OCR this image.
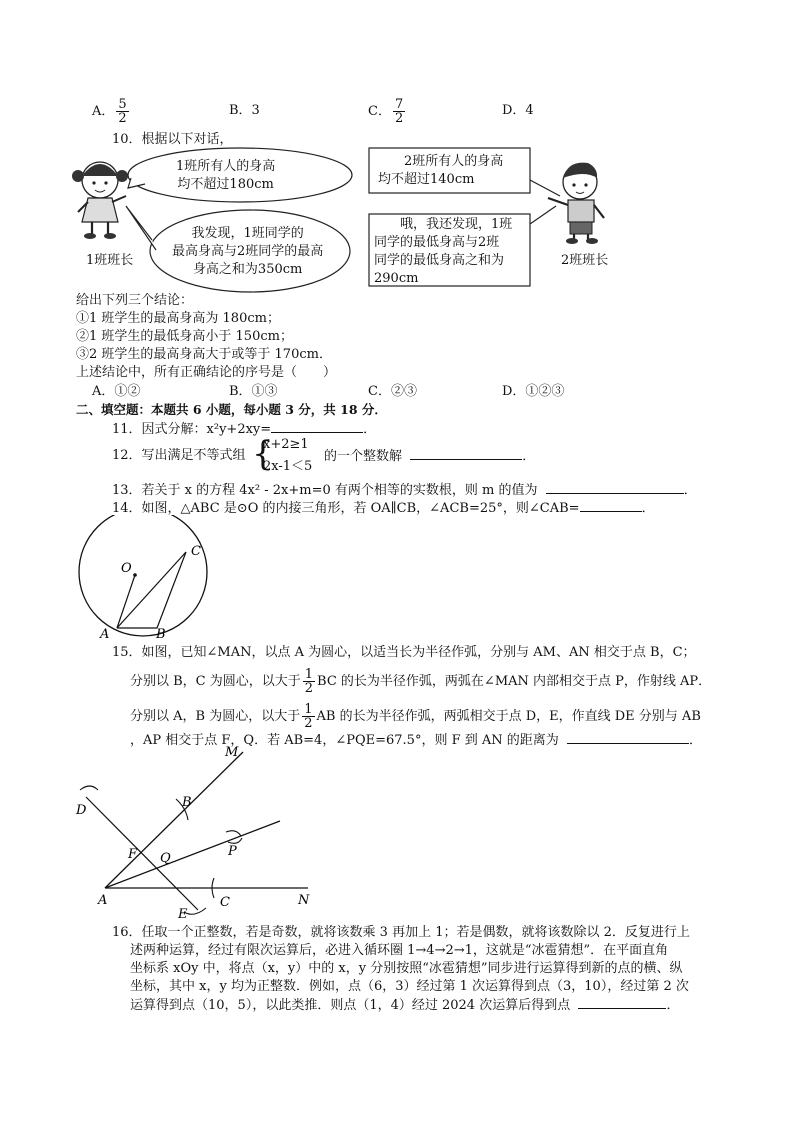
A． $\frac{5}{2}$	B．3	C． $\frac{7}{2}$	D．4
10．根据以下对话，
1班所有人的身高
均不超过180cm
我发现，1班同学的
最高身高与2班同学的最高
身高之和为350cm
2班所有人的身高
均不超过140cm
哦，我还发现，1班
同学的最低身高与2班
同学的最低身高之和为
290cm
1班班长	2班班长
给出下列三个结论：
①1 班学生的最高身高为 180cm；
②1 班学生的最低身高小于 150cm；
③2 班学生的最高身高大于或等于 170cm．
上述结论中，所有正确结论的序号是（　　）
A．①②	B．①③	C．②③	D．①②③
二、填空题：本题共 6 小题，每小题 3 分，共 18 分．
11．因式分解：x²y+2xy=	．
12．写出满足不等式组 {
x+2≥1
2x-1＜5
的一个整数解	．
13．若关于 x 的方程 4x² - 2x+m=0 有两个相等的实数根，则 m 的值为	．
14．如图，△ABC 是⊙O 的内接三角形，若 OA∥CB，∠ACB=25°，则∠CAB=	．
O
A	B
C
15．如图，已知∠MAN，以点 A 为圆心，以适当长为半径作弧，分别与 AM、AN 相交于点 B，C；
分别以 B，C 为圆心，以大于 $\frac{1}{2}$ BC 的长为半径作弧，两弧在∠MAN 内部相交于点 P，作射线 AP．
分别以 A，B 为圆心，以大于 $\frac{1}{2}$ AB 的长为半径作弧，两弧相交于点 D，E，作直线 DE 分别与 AB
，AP 相交于点 F，Q．若 AB=4，∠PQE=67.5°，则 F 到 AN 的距离为	．
M
D
B
P
F Q
A
E
C	N
16．任取一个正整数，若是奇数，就将该数乘 3 再加上 1；若是偶数，就将该数除以 2．反复进行上
述两种运算，经过有限次运算后，必进入循环圈 1→4→2→1，这就是“冰雹猜想”．在平面直角
坐标系 xOy 中，将点（x，y）中的 x，y 分别按照“冰雹猜想”同步进行运算得到新的点的横、纵
坐标，其中 x，y 均为正整数．例如，点（6，3）经过第 1 次运算得到点（3，10），经过第 2 次
运算得到点（10，5），以此类推．则点（1，4）经过 2024 次运算后得到点	．
